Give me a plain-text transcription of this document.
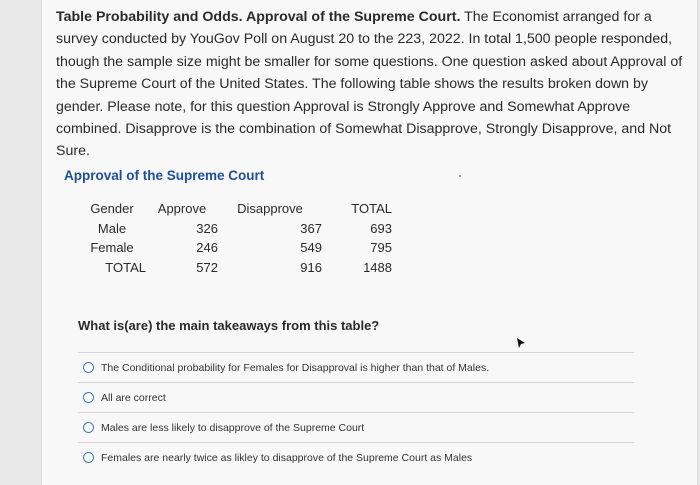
Table Probability and Odds. Approval of the Supreme Court. The Economist arranged for a survey conducted by YouGov Poll on August 20 to the 223, 2022. In total 1,500 people responded, though the sample size might be smaller for some questions. One question asked about Approval of the Supreme Court of the United States. The following table shows the results broken down by gender. Please note, for this question Approval is Strongly Approve and Somewhat Approve combined. Disapprove is the combination of Somewhat Disapprove, Strongly Disapprove, and Not Sure.
Approval of the Supreme Court
Gender	Approve	Disapprove	TOTAL
Male	326	367	693
Female	246	549	795
TOTAL	572	916	1488
What is(are) the main takeaways from this table?
The Conditional probability for Females for Disapproval is higher than that of Males.
All are correct
Males are less likely to disapprove of the Supreme Court
Females are nearly twice as likley to disapprove of the Supreme Court as Males
